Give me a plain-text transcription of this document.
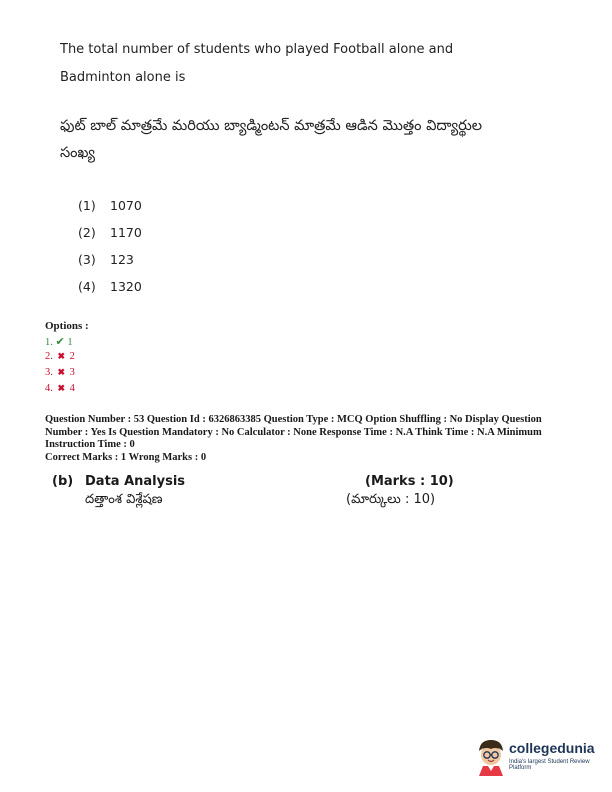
The total number of students who played Football alone and Badminton alone is
ఫుట్ బాల్ మాత్రమే మరియు బ్యాడ్మింటన్ మాత్రమే ఆడిన మొత్తం విద్యార్థుల సంఖ్య
(1) 1070
(2) 1170
(3) 123
(4) 1320
Options :
1. ✔ 1
2. ✖ 2
3. ✖ 3
4. ✖ 4
Question Number : 53 Question Id : 6326863385 Question Type : MCQ Option Shuffling : No Display Question
Number : Yes Is Question Mandatory : No Calculator : None Response Time : N.A Think Time : N.A Minimum
Instruction Time : 0
Correct Marks : 1 Wrong Marks : 0
(b) Data Analysis
దత్తాంశ విశ్లేషణ
(Marks : 10)
(మార్కులు : 10)
collegedunia
India's largest Student Review Platform
